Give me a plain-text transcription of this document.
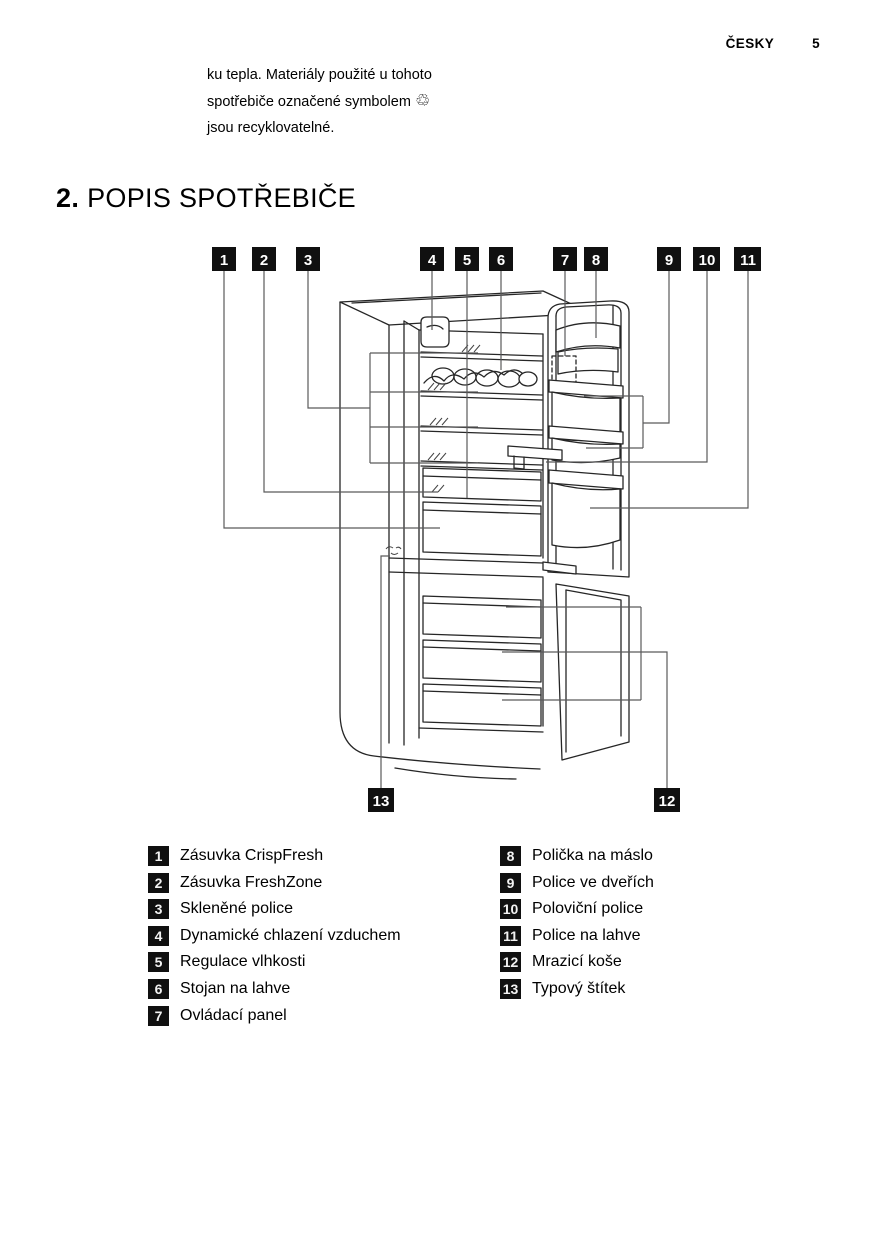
ČESKY	5
ku tepla. Materiály použité u tohoto
spotřebiče označené symbolem ♲
jsou recyklovatelné.
2. POPIS SPOTŘEBIČE
1 2 3	4 5 6	7 8	9 10 11
12
13
1	Zásuvka CrispFresh
2	Zásuvka FreshZone
3	Skleněné police
4	Dynamické chlazení vzduchem
5	Regulace vlhkosti
6	Stojan na lahve
7	Ovládací panel
8	Polička na máslo
9	Police ve dveřích
10 Poloviční police
11 Police na lahve
12 Mrazicí koše
13 Typový štítek
